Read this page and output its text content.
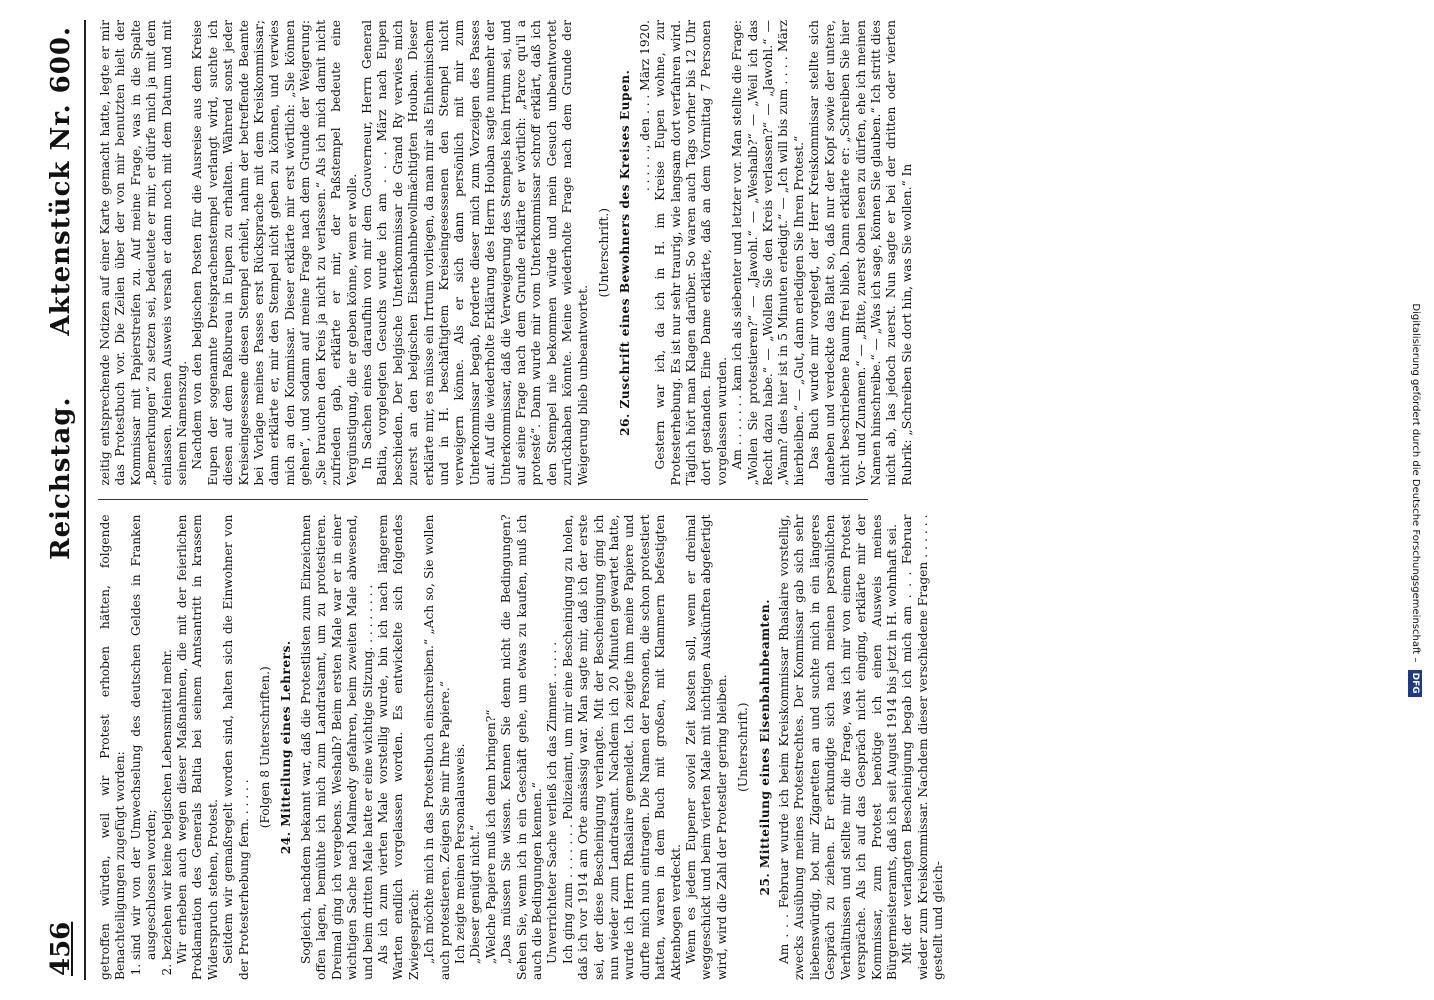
456
Reichstag.
Aktenstück Nr. 600.

getroffen würden, weil wir Protest erhoben hätten, folgende Benachteiligungen zugefügt worden: 1. sind wir von der Umwechselung des deutschen Geldes in Franken ausgeschlossen worden; 2. beziehen wir keine belgischen Lebensmittel mehr. Wir erheben auch wegen dieser Maßnahmen, die mit der feierlichen Proklamation des Generals Baltia bei seinem Amtsantritt in krassem Widerspruch stehen, Protest. Seitdem wir gemaßregelt worden sind, halten sich die Einwohner von der Protesterhebung fern. . . . . .

(Folgen 8 Unterschriften.) 24. Mitteilung eines Lehrers. Sogleich, nachdem bekannt war, daß die Protestlisten zum Einzeichnen offen lagen, bemühte ich mich zum Landratsamt, um zu protestieren. Dreimal ging ich vergebens. Weshalb? Beim ersten Male war er in einer wichtigen Sache nach Malmedy gefahren, beim zweiten Male abwesend, und beim dritten Male hatte er eine wichtige Sitzung. . . . . . . . . Als ich zum vierten Male vorstellig wurde, bin ich nach längerem Warten endlich vorgelassen worden. Es entwickelte sich folgendes Zwiegespräch: „Ich möchte mich in das Protestbuch einschreiben.“ „Ach so, Sie wollen auch protestieren. Zeigen Sie mir Ihre Papiere.“ Ich zeigte meinen Personalausweis. „Dieser genügt nicht.“ „Welche Papiere muß ich denn bringen?“ „Das müssen Sie wissen. Kennen Sie denn nicht die Bedingungen? Sehen Sie, wenn ich in ein Geschäft gehe, um etwas zu kaufen, muß ich auch die Bedingungen kennen.“ Unverrichteter Sache verließ ich das Zimmer. . . . . . Ich ging zum . . . . . . . Polizeiamt, um mir eine Bescheinigung zu holen, daß ich vor 1914 am Orte ansässig war. Man sagte mir, daß ich der erste sei, der diese Bescheinigung verlangte. Mit der Bescheinigung ging ich nun wieder zum Landratsamt. Nachdem ich 20 Minuten gewartet hatte, wurde ich Herrn Rhaslaire gemeldet. Ich zeigte ihm meine Papiere und durfte mich nun eintragen. Die Namen der Personen, die schon protestiert hatten, waren in dem Buch mit großen, mit Klammern befestigten Aktenbogen verdeckt. Wenn es jedem Eupener soviel Zeit kosten soll, wenn er dreimal weggeschickt und beim vierten Male mit nichtigen Auskünften abgefertigt wird, wird die Zahl der Protestler gering bleiben. (Unterschrift.) 25. Mitteilung eines Eisenbahnbeamten. Am . . . Februar wurde ich beim Kreiskommissar Rhaslaire vorstellig, zwecks Ausübung meines Protestrechtes. Der Kommissar gab sich sehr liebenswürdig, bot mir Zigaretten an und suchte mich in ein längeres Gespräch zu ziehen. Er erkundigte sich nach meinen persönlichen Verhältnissen und stellte mir die Frage, was ich mir von einem Protest verspräche. Als ich auf das Gespräch nicht einging, erklärte mir der Kommissar, zum Protest benötige ich einen Ausweis meines Bürgermeisteramts, daß ich seit August 1914 bis jetzt in H. wohnhaft sei. Mit der verlangten Bescheinigung begab ich mich am . . . Februar wieder zum Kreiskommissar. Nachdem dieser verschiedene Fragen . . . . . . gestellt und gleich-

zeitig entsprechende Notizen auf einer Karte gemacht hatte, legte er mir das Protestbuch vor. Die Zeilen über der von mir benutzten hielt der Kommissar mit Papierstreifen zu. Auf meine Frage, was in die Spalte „Bemerkungen“ zu setzen sei, bedeutete er mir, er dürfe mich ja mit dem einlassen. Meinen Ausweis versah er dann noch mit dem Datum und mit seinem Namenszug. Nachdem von den belgischen Posten für die Ausreise aus dem Kreise Eupen der sogenannte Dreisprachenstempel verlangt wird, suchte ich diesen auf dem Paßbureau in Eupen zu erhalten. Während sonst jeder Kreiseingesessene diesen Stempel erhielt, nahm der betreffende Beamte bei Vorlage meines Passes erst Rücksprache mit dem Kreiskommissar; dann erklärte er, mir den Stempel nicht geben zu können, und verwies mich an den Kommissar. Dieser erklärte mir erst wörtlich: „Sie können gehen“, und sodann auf meine Frage nach dem Grunde der Weigerung: „Sie brauchen den Kreis ja nicht zu verlassen.“ Als ich mich damit nicht zufrieden gab, erklärte er mir, der Paßstempel bedeute eine Vergünstigung, die er geben könne, wem er wolle. In Sachen eines daraufhin von mir dem Gouverneur, Herrn General Baltia, vorgelegten Gesuchs wurde ich am . . . März nach Eupen beschieden. Der belgische Unterkommissar de Grand Ry verwies mich zuerst an den belgischen Eisenbahnbevollmächtigten Houban. Dieser erklärte mir, es müsse ein Irrtum vorliegen, da man mir als Einheimischem und in H. beschäftigtem Kreiseingesessenen den Stempel nicht verweigern könne. Als er sich dann persönlich mit mir zum Unterkommissar begab, forderte dieser mich zum Vorzeigen des Passes auf. Auf die wiederholte Erklärung des Herrn Houban sagte nunmehr der Unterkommissar, daß die Verweigerung des Stempels kein Irrtum sei, und auf seine Frage nach dem Grunde erklärte er wörtlich: „Parce qu'il a protesté“. Dann wurde mir vom Unterkommissar schroff erklärt, daß ich den Stempel nie bekommen würde und mein Gesuch unbeantwortet zurückhaben könnte. Meine wiederholte Frage nach dem Grunde der Weigerung blieb unbeantwortet.

(Unterschrift.) 26. Zuschrift eines Bewohners des Kreises Eupen. . . . . . ., den . . . März 1920. Gestern war ich, da ich in H. im Kreise Eupen wohne, zur Protesterhebung. Es ist nur sehr traurig, wie langsam dort verfahren wird. Täglich hört man Klagen darüber. So waren auch Tags vorher bis 12 Uhr dort gestanden. Eine Dame erklärte, daß an dem Vormittag 7 Personen vorgelassen wurden. Am . . . . . . . kam ich als siebenter und letzter vor. Man stellte die Frage: „Wollen Sie protestieren?“ — „Jawohl.“ — „Weshalb?“ — „Weil ich das Recht dazu habe.“ — „Wollen Sie den Kreis verlassen?“ — „Jawohl.“ — „Wann? dies hier ist in 5 Minuten erledigt.“ — „Ich will bis zum . . . . März hierbleiben.“ — „Gut, dann erledigen Sie Ihren Protest.“ Das Buch wurde mir vorgelegt, der Herr Kreiskommissar stellte sich daneben und verdeckte das Blatt so, daß nur der Kopf sowie der untere, nicht beschriebene Raum frei blieb. Dann erklärte er: „Schreiben Sie hier Vor- und Zunamen.“ — „Bitte, zuerst oben lesen zu dürfen, ehe ich meinen Namen hinschreibe.“ — „Was ich sage, können Sie glauben.“ Ich stritt dies nicht ab, las jedoch zuerst. Nun sagte er bei der dritten oder vierten Rubrik: „Schreiben Sie dort hin, was Sie wollen.“ In	Digitalisierung gefördert durch die Deutsche Forschungsgemeinschaft – DFG
